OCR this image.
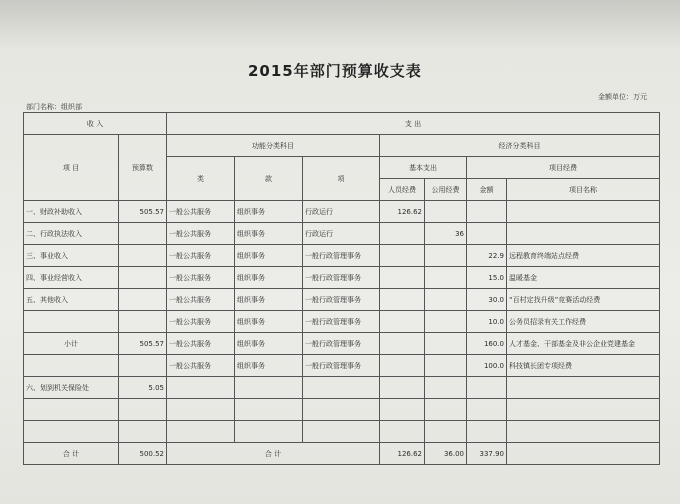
2015年部门预算收支表
金额单位：万元
部门名称：组织部
收 入		支 出						
项 目	预算数	功能分类科目			经济分类科目			
		类	款	项	基本支出		项目经费	
					人员经费	公用经费	金额	项目名称
一、财政补助收入	505.57	一般公共服务	组织事务	行政运行	126.62			
二、行政执法收入		一般公共服务	组织事务	行政运行		36		
三、事业收入		一般公共服务	组织事务	一般行政管理事务			22.9	远程教育终端站点经费
四、事业经营收入		一般公共服务	组织事务	一般行政管理事务			15.0	温暖基金
五、其他收入		一般公共服务	组织事务	一般行政管理事务			30.0	“百村定找升级”竞赛活动经费
		一般公共服务	组织事务	一般行政管理事务			10.0	公务员招录有关工作经费
小计	505.57	一般公共服务	组织事务	一般行政管理事务			160.0	人才基金、干部基金及非公企业党建基金
		一般公共服务	组织事务	一般行政管理事务			100.0	科技镇长团专项经费
六、划到机关保险处	5.05							

合 计	500.52	合 计			126.62	36.00	337.90	
